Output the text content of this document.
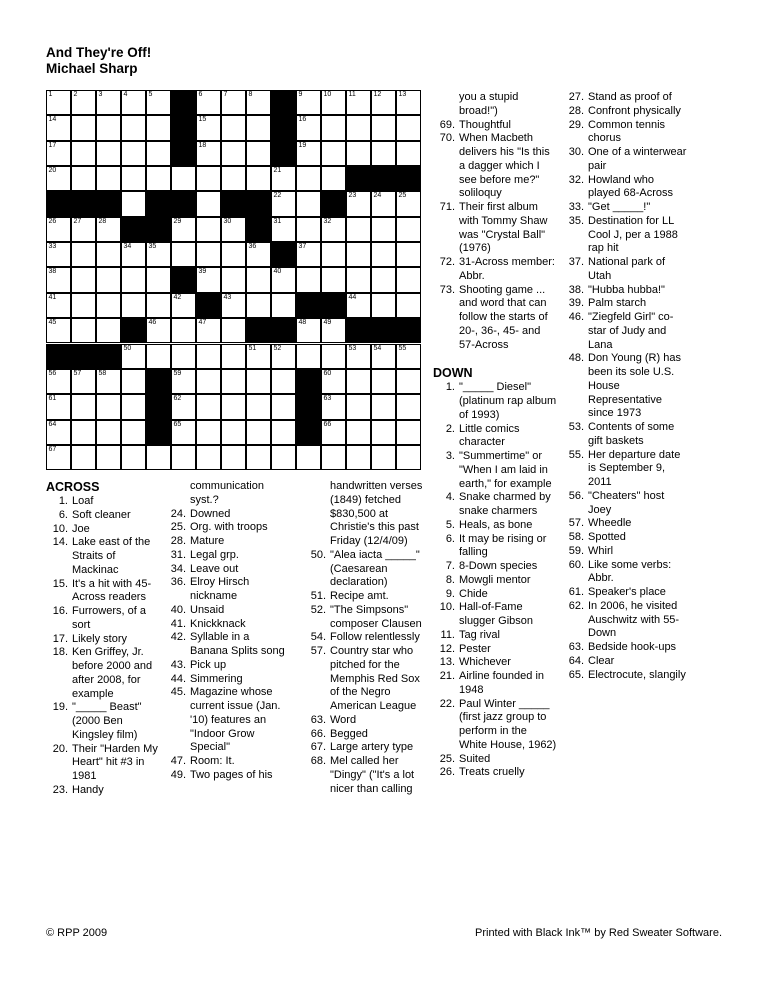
And They're Off!
Michael Sharp
1	2	3	4	5	6	7	8	9	10 11	12 13
14	15	16
17	18	19
20	21
22	23 24 25
26 27 28	29	30	31	32
33	34 35	36	37
38	39	40
41	42	43	44
45	46	47	48 49
50	51 52	53 54 55
56 57 58	59	60
61	62	63
64	65	66
67
ACROSS
1. Loaf
6. Soft cleaner
10. Joe
14. Lake east of the Straits of Mackinac
15. It's a hit with 45-Across readers
16. Furrowers, of a sort
17. Likely story
18. Ken Griffey, Jr. before 2000 and after 2008, for example
19. "_____ Beast" (2000 Ben Kingsley film)
20. Their "Harden My Heart" hit #3 in 1981
23. Handy
communication syst.?
24. Downed
25. Org. with troops
28. Mature
31. Legal grp.
34. Leave out
36. Elroy Hirsch nickname
40. Unsaid
41. Knickknack
42. Syllable in a Banana Splits song
43. Pick up
44. Simmering
45. Magazine whose current issue (Jan. '10) features an "Indoor Grow Special"
47. Room: It.
49. Two pages of his
handwritten verses (1849) fetched $830,500 at Christie's this past Friday (12/4/09)
50. "Alea iacta _____" (Caesarean declaration)
51. Recipe amt.
52. "The Simpsons" composer Clausen
54. Follow relentlessly
57. Country star who pitched for the Memphis Red Sox of the Negro American League
63. Word
66. Begged
67. Large artery type
68. Mel called her "Dingy" ("It's a lot nicer than calling
you a stupid broad!")
69. Thoughtful
70. When Macbeth delivers his "Is this a dagger which I see before me?" soliloquy
71. Their first album with Tommy Shaw was "Crystal Ball" (1976)
72. 31-Across member: Abbr.
73. Shooting game ... and word that can follow the starts of 20-, 36-, 45- and 57-Across
DOWN
1. "_____ Diesel" (platinum rap album of 1993)
2. Little comics character
3. "Summertime" or "When I am laid in earth," for example
4. Snake charmed by snake charmers
5. Heals, as bone
6. It may be rising or falling
7. 8-Down species
8. Mowgli mentor
9. Chide
10. Hall-of-Fame slugger Gibson
11. Tag rival
12. Pester
13. Whichever
21. Airline founded in 1948
22. Paul Winter _____ (first jazz group to perform in the White House, 1962)
25. Suited
26. Treats cruelly
27. Stand as proof of
28. Confront physically
29. Common tennis chorus
30. One of a winterwear pair
32. Howland who played 68-Across
33. "Get _____!"
35. Destination for LL Cool J, per a 1988 rap hit
37. National park of Utah
38. "Hubba hubba!"
39. Palm starch
46. "Ziegfeld Girl" co-star of Judy and Lana
48. Don Young (R) has been its sole U.S. House Representative since 1973
53. Contents of some gift baskets
55. Her departure date is September 9, 2011
56. "Cheaters" host Joey
57. Wheedle
58. Spotted
59. Whirl
60. Like some verbs: Abbr.
61. Speaker's place
62. In 2006, he visited Auschwitz with 55-Down
63. Bedside hook-ups
64. Clear
65. Electrocute, slangily
© RPP 2009	Printed with Black Ink™ by Red Sweater Software.
